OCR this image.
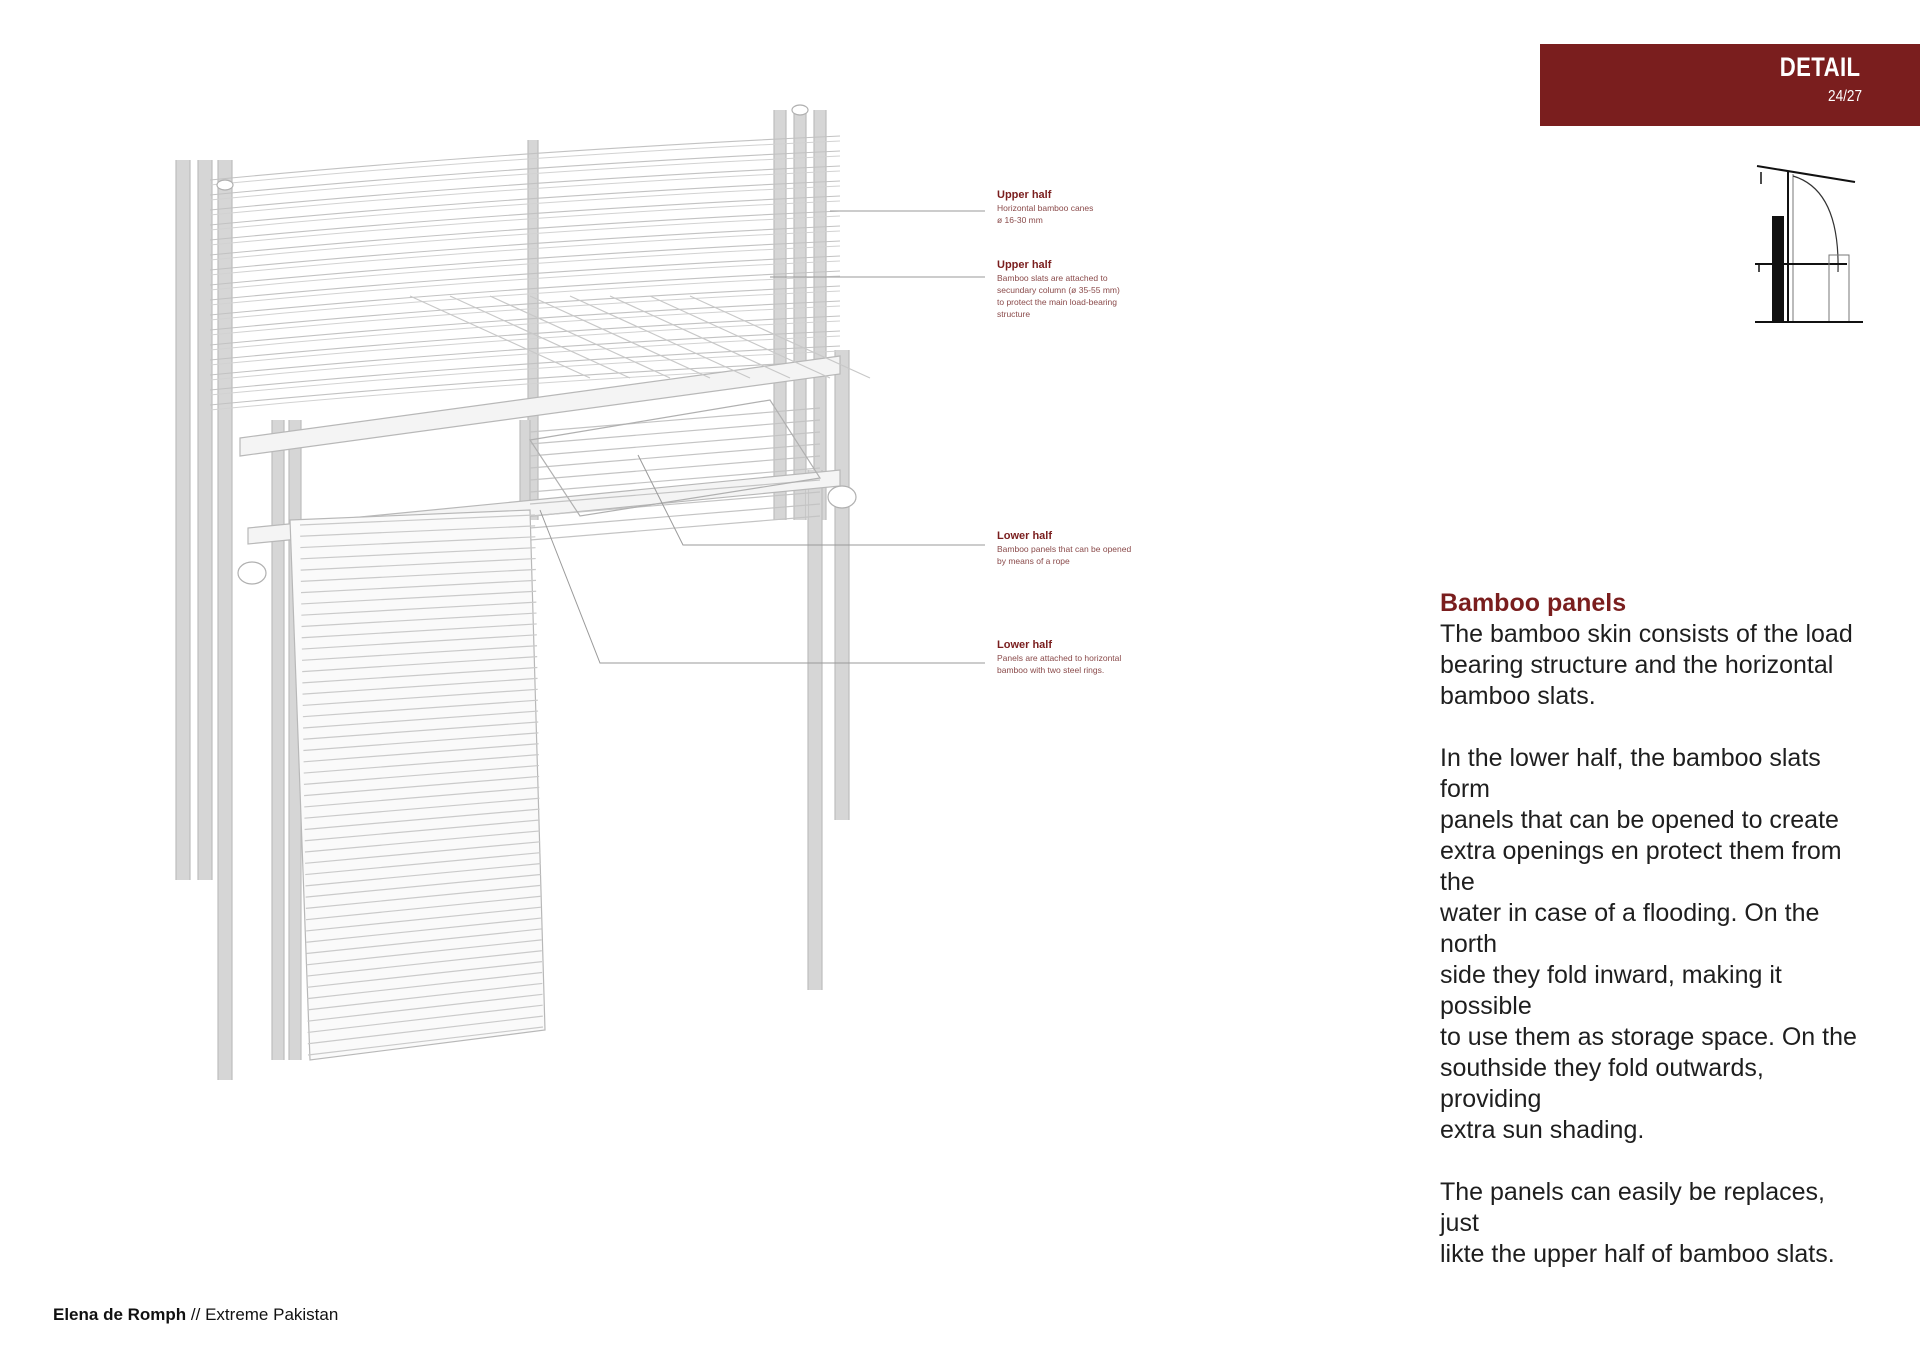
DETAIL
24/27
Upper half
Horizontal bamboo canes
ø 16-30 mm
Upper half
Bamboo slats are attached to
secundary column (ø 35-55 mm)
to protect the main load-bearing
structure
Lower half
Bamboo panels that can be opened
by means of a rope
Lower half
Panels are attached to horizontal
bamboo with two steel rings.
Bamboo panels

The bamboo skin consists of the load
bearing structure and the horizontal
bamboo slats.

In the lower half, the bamboo slats form
panels that can be opened to create
extra openings en protect them from the
water in case of a flooding. On the north
side they fold inward, making it possible
to use them as storage space. On the
southside they fold outwards, providing
extra sun shading.

The panels can easily be replaces, just
likte the upper half of bamboo slats.

Elena de Romph // Extreme Pakistan
